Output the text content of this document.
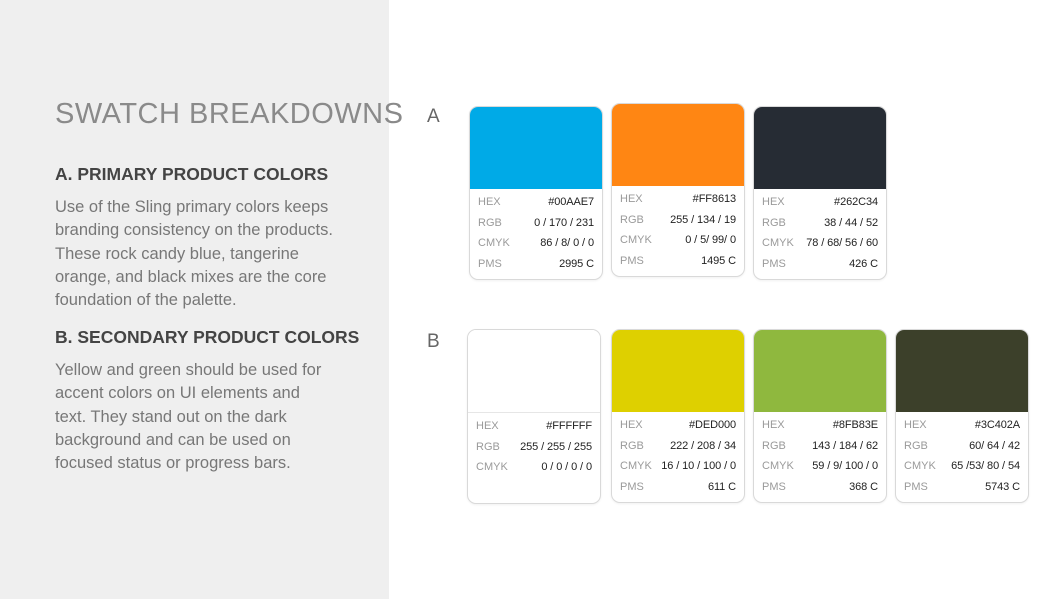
SWATCH BREAKDOWNS
A. PRIMARY PRODUCT COLORS

Use of the Sling primary colors keeps
branding consistency on the products.
These rock candy blue, tangerine
orange, and black mixes are the core
foundation of the palette.

B. SECONDARY PRODUCT COLORS

Yellow and green should be used for
accent colors on UI elements and
text. They stand out on the dark
background and can be used on
focused status or progress bars.

A
B
HEX	#00AAE7
RGB	0 / 170 / 231
CMYK	86 / 8/ 0 / 0
PMS	2995 C
HEX	#FF8613
RGB 255 / 134 / 19
CMYK	0 / 5/ 99/ 0
PMS	1495 C
HEX	#262C34
RGB	38 / 44 / 52
CMYK 78 / 68/ 56 / 60
PMS	426 C
HEX	#FFFFFF
RGB 255 / 255 / 255
CMYK	0 / 0 / 0 / 0
HEX	#DED000
RGB 222 / 208 / 34
CMYK 16 / 10 / 100 / 0
PMS	611 C
HEX	#8FB83E
RGB 143 / 184 / 62
CMYK 59 / 9/ 100 / 0
PMS	368 C
HEX	#3C402A
RGB	60/ 64 / 42
CMYK 65 /53/ 80 / 54
PMS	5743 C
